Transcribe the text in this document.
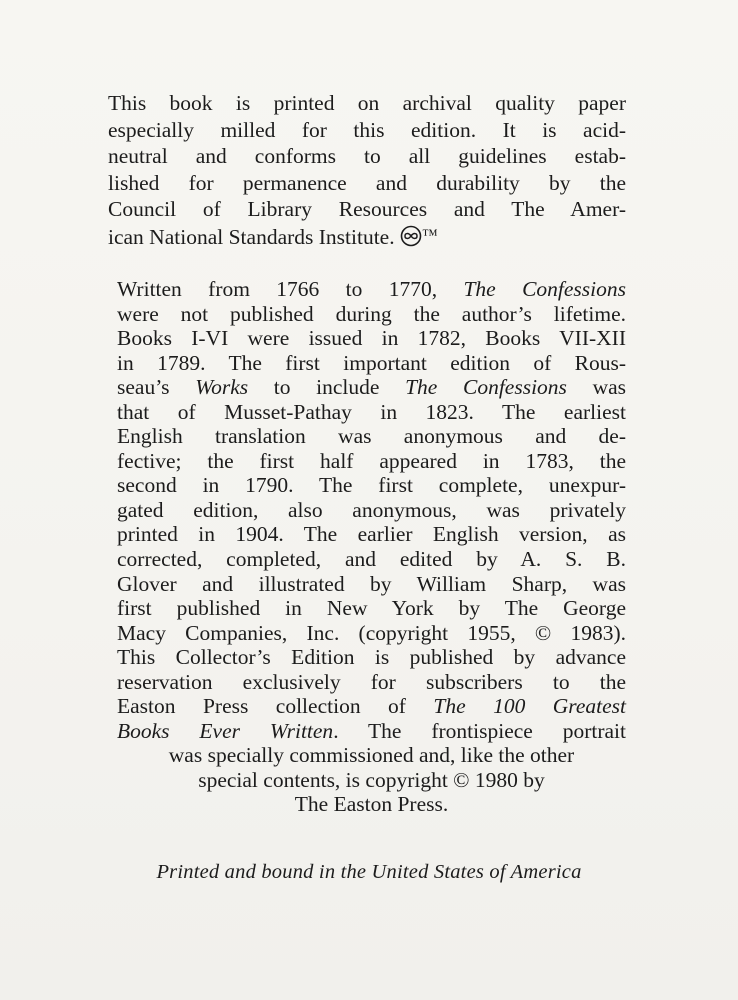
This book is printed on archival quality paper
especially milled for this edition. It is acid-
neutral and conforms to all guidelines estab-
lished for permanence and durability by the
Council of Library Resources and The Amer-
ican National Standards Institute. ™

Written from 1766 to 1770, The Confessions
were not published during the author’s lifetime.
Books I-VI were issued in 1782, Books VII-XII
in 1789. The first important edition of Rous-
seau’s Works to include The Confessions was
that of Musset-Pathay in 1823. The earliest
English translation was anonymous and de-
fective; the first half appeared in 1783, the
second in 1790. The first complete, unexpur-
gated edition, also anonymous, was privately
printed in 1904. The earlier English version, as
corrected, completed, and edited by A. S. B.
Glover and illustrated by William Sharp, was
first published in New York by The George
Macy Companies, Inc. (copyright 1955, © 1983).
This Collector’s Edition is published by advance
reservation exclusively for subscribers to the
Easton Press collection of The 100 Greatest
Books Ever Written. The frontispiece portrait
was specially commissioned and, like the other
special contents, is copyright © 1980 by
The Easton Press.

Printed and bound in the United States of America
